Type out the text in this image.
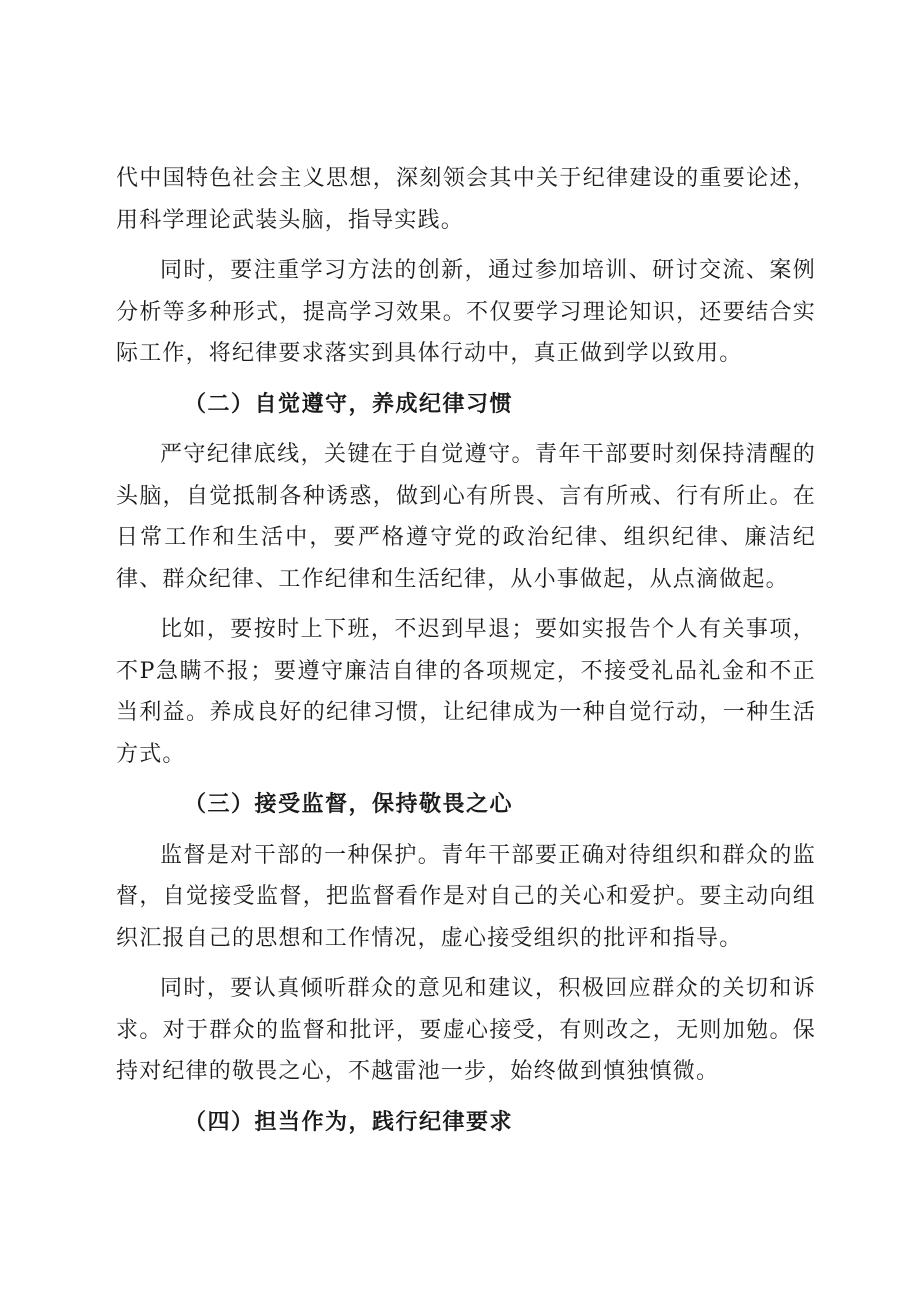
代中国特色社会主义思想，深刻领会其中关于纪律建设的重要论述，用科学理论武装头脑，指导实践。

同时，要注重学习方法的创新，通过参加培训、研讨交流、案例分析等多种形式，提高学习效果。不仅要学习理论知识，还要结合实际工作，将纪律要求落实到具体行动中，真正做到学以致用。

（二）自觉遵守，养成纪律习惯

严守纪律底线，关键在于自觉遵守。青年干部要时刻保持清醒的头脑，自觉抵制各种诱惑，做到心有所畏、言有所戒、行有所止。在日常工作和生活中，要严格遵守党的政治纪律、组织纪律、廉洁纪律、群众纪律、工作纪律和生活纪律，从小事做起，从点滴做起。

比如，要按时上下班，不迟到早退；要如实报告个人有关事项，不P急瞒不报；要遵守廉洁自律的各项规定，不接受礼品礼金和不正当利益。养成良好的纪律习惯，让纪律成为一种自觉行动，一种生活方式。

（三）接受监督，保持敬畏之心

监督是对干部的一种保护。青年干部要正确对待组织和群众的监督，自觉接受监督，把监督看作是对自己的关心和爱护。要主动向组织汇报自己的思想和工作情况，虚心接受组织的批评和指导。

同时，要认真倾听群众的意见和建议，积极回应群众的关切和诉求。对于群众的监督和批评，要虚心接受，有则改之，无则加勉。保持对纪律的敬畏之心，不越雷池一步，始终做到慎独慎微。

（四）担当作为，践行纪律要求
